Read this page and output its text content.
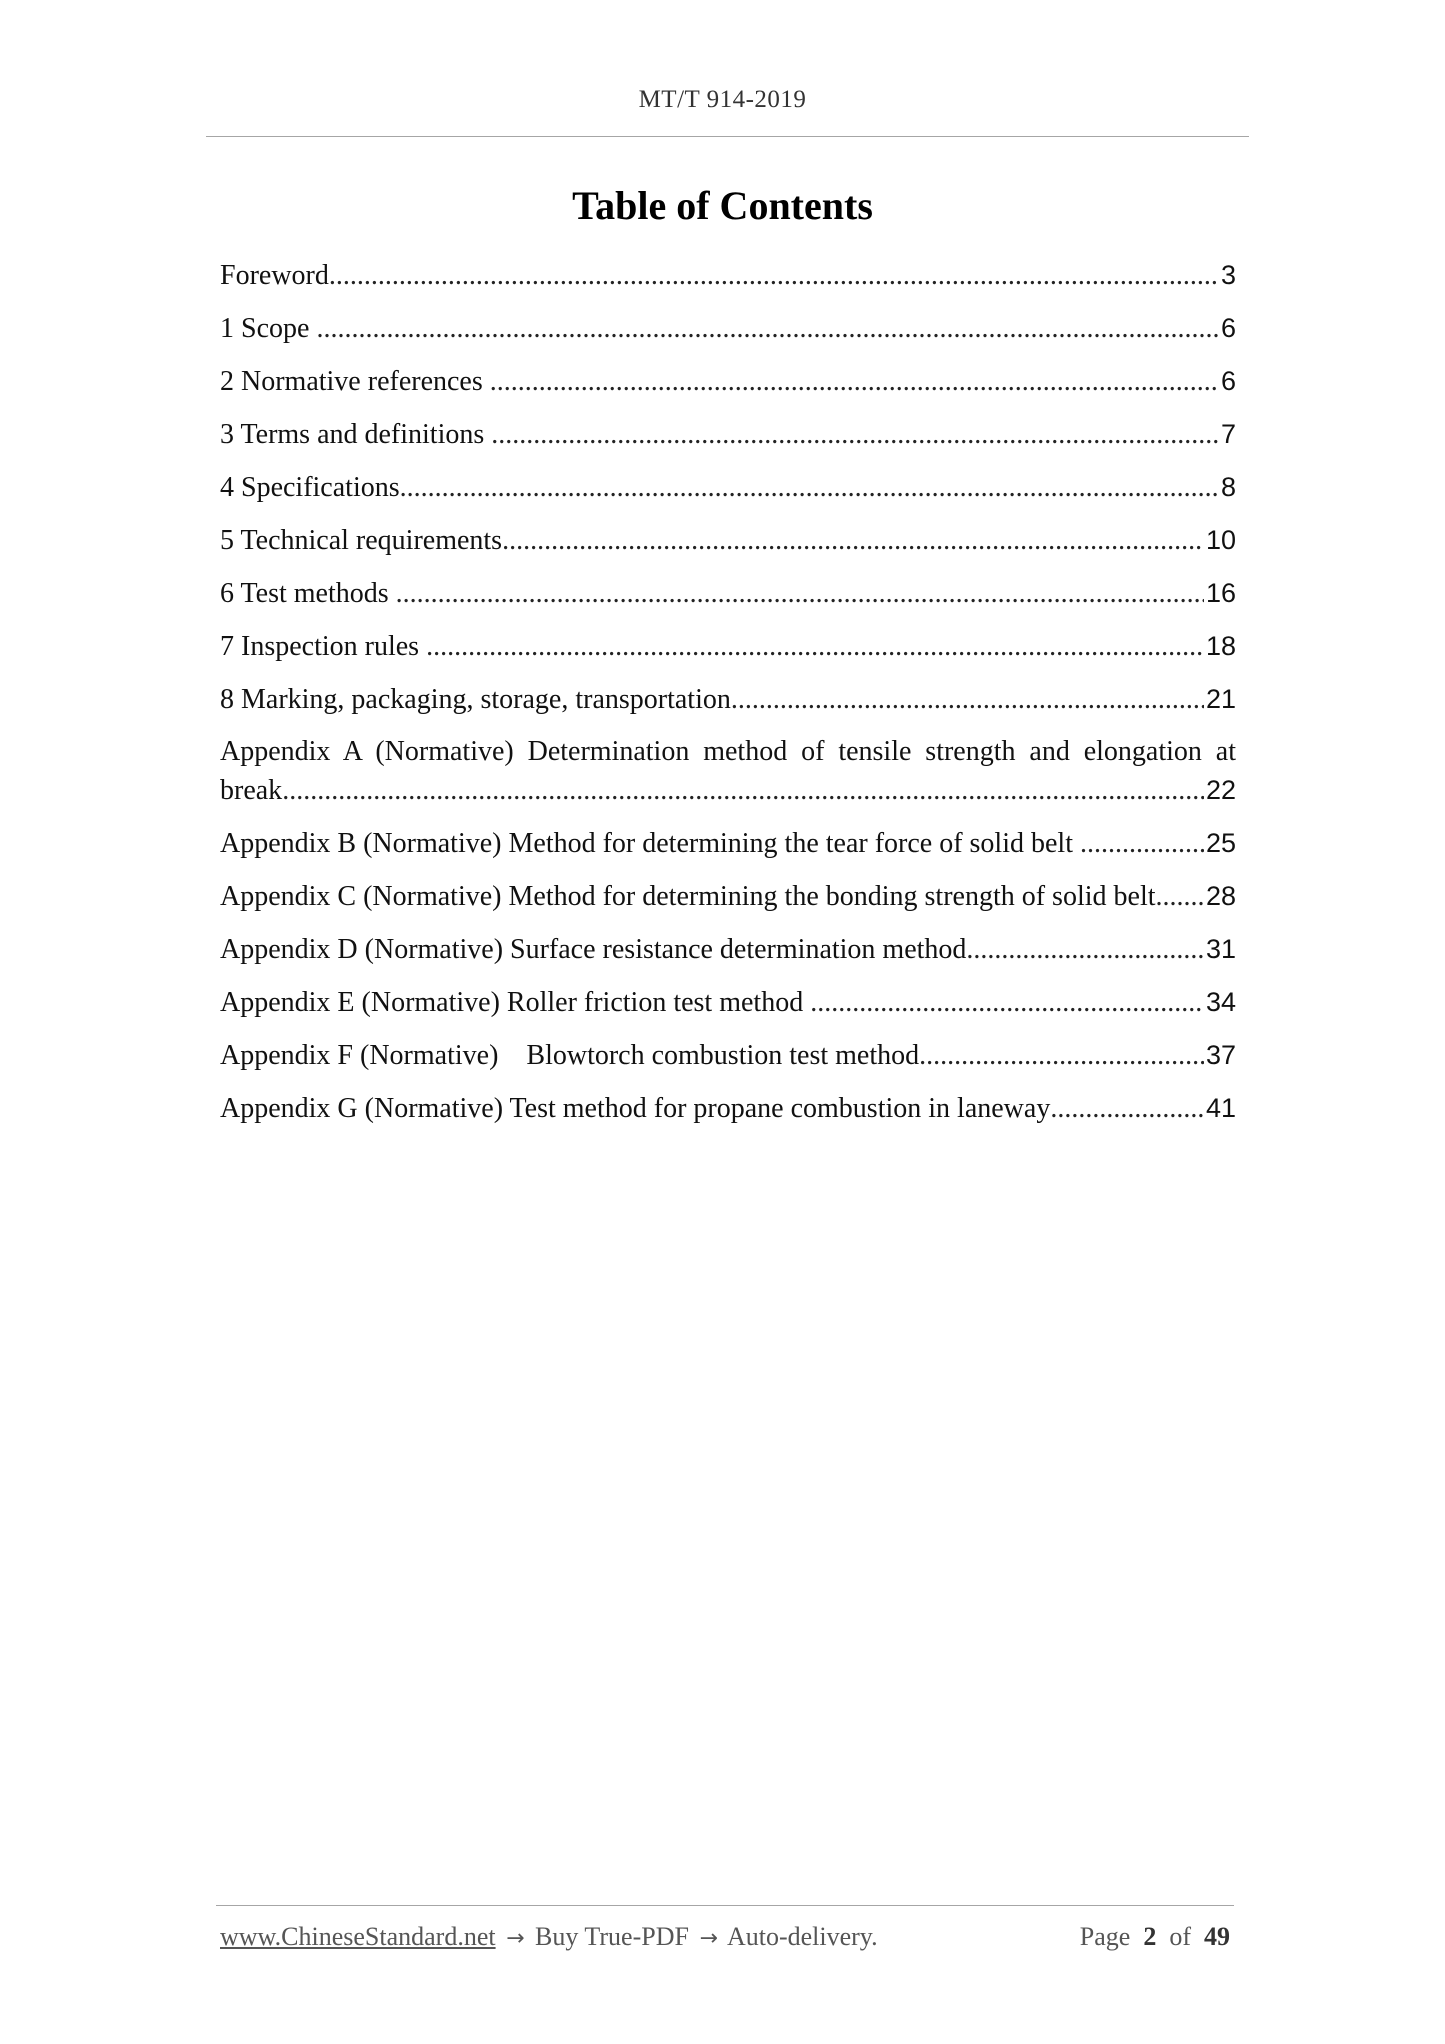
MT/T 914-2019
Table of Contents
Foreword .....	3
1 Scope .....	6
2 Normative references .....	6
3 Terms and definitions .....	7
4 Specifications .....	8
5 Technical requirements .....	10
6 Test methods .....	16
7 Inspection rules .....	18
8 Marking, packaging, storage, transportation .....	21
Appendix A (Normative) Determination method of tensile strength and elongation at
break .....	22
Appendix B (Normative) Method for determining the tear force of solid belt .....	25
Appendix C (Normative) Method for determining the bonding strength of solid belt ..... 28
Appendix D (Normative) Surface resistance determination method .....	31
Appendix E (Normative) Roller friction test method .....	34
Appendix F (Normative)    Blowtorch combustion test method .....	37
Appendix G (Normative) Test method for propane combustion in laneway .....	41
www.ChineseStandard.net → Buy True-PDF → Auto-delivery.	Page 2 of 49
